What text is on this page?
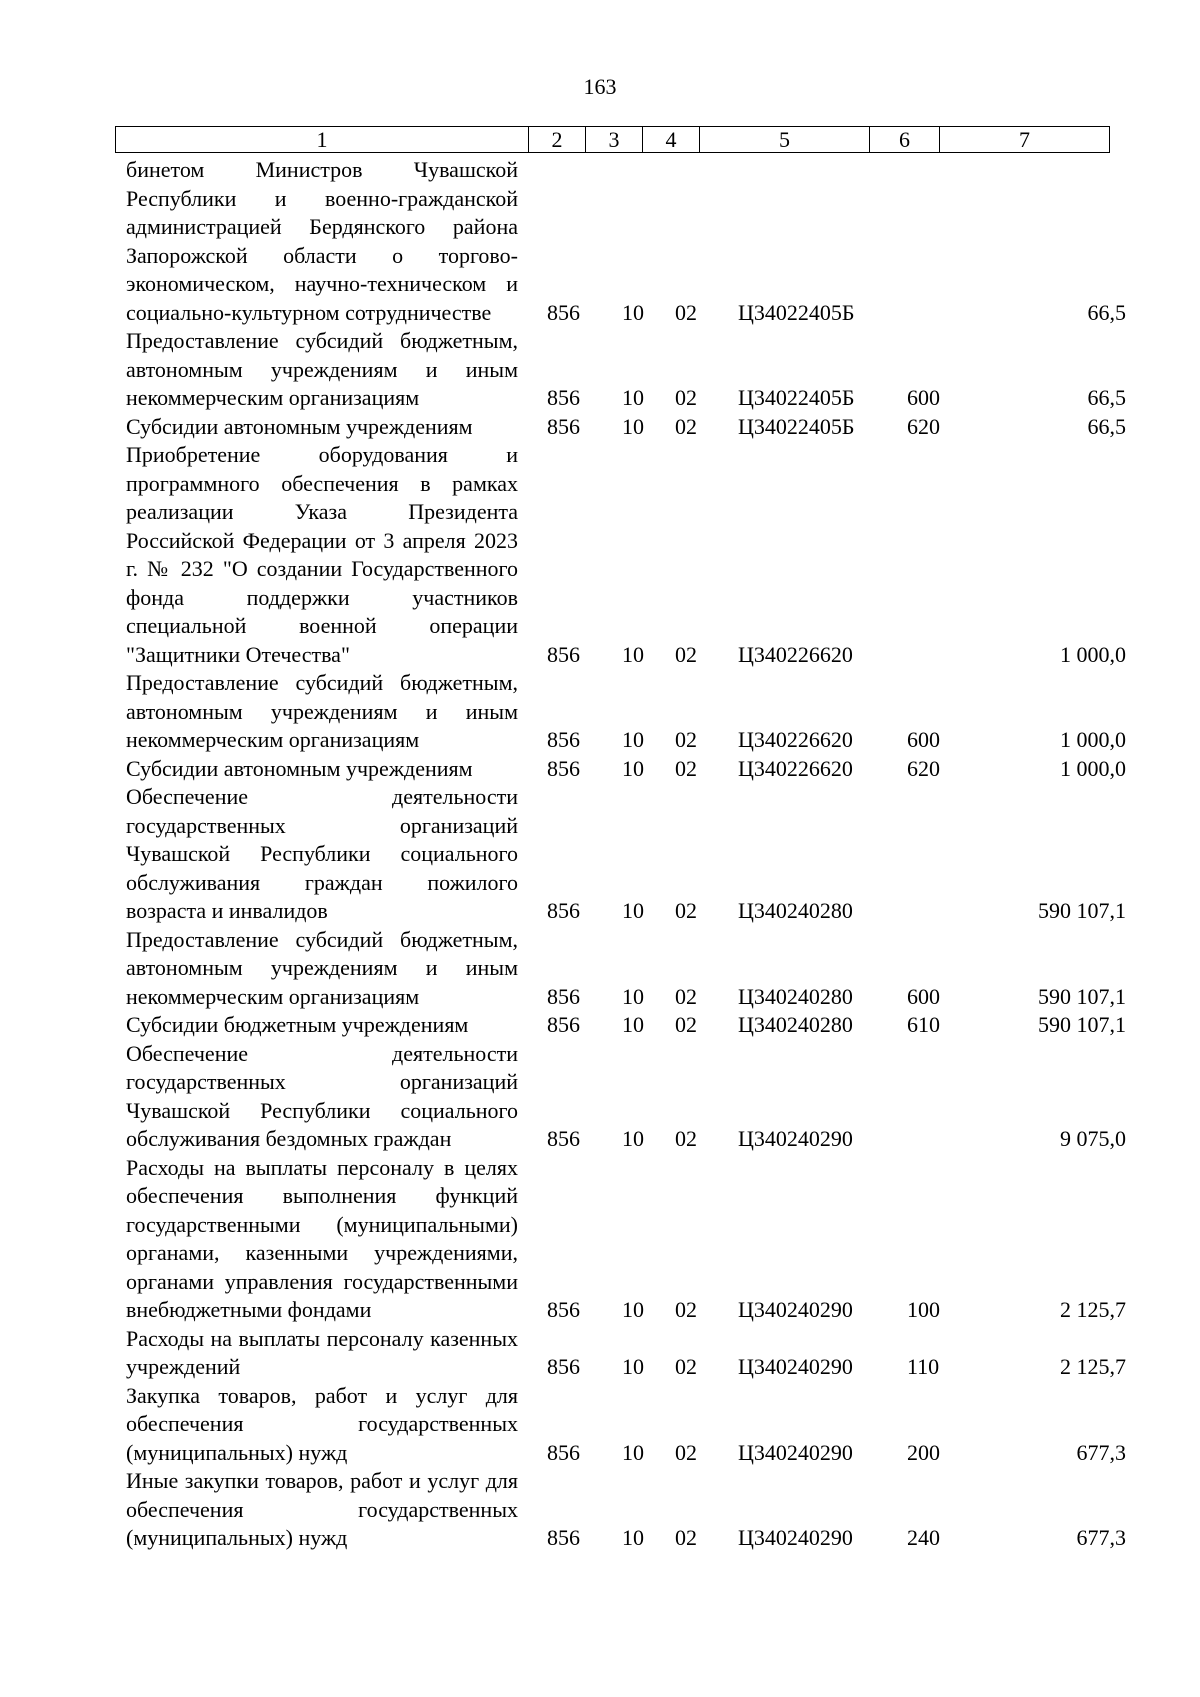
163
1	2	3	4	5	6	7
бинетом Министров Чувашской Республики и военно-гражданской администрацией Бердянского района Запорожской области о торгово-экономическом, научно-техническом и социально-культурном сотрудничестве	856 10 02 Ц34022405Б	66,5
Предоставление субсидий бюджетным, автономным учреждениям и иным некоммерческим организациям	856 10 02 Ц34022405Б 600	66,5
Субсидии автономным учреждениям	856 10 02 Ц34022405Б 620	66,5
Приобретение оборудования и программного обеспечения в рамках реализации Указа Президента Российской Федерации от 3 апреля 2023 г. № 232 "О создании Государственного фонда поддержки участников специальной военной операции "Защитники Отечества"	856 10 02 Ц340226620	1 000,0
Предоставление субсидий бюджетным, автономным учреждениям и иным некоммерческим организациям	856 10 02 Ц340226620 600	1 000,0
Субсидии автономным учреждениям	856 10 02 Ц340226620 620	1 000,0
Обеспечение деятельности государственных организаций Чувашской Республики социального обслуживания граждан пожилого возраста и инвалидов	856 10 02 Ц340240280	590 107,1
Предоставление субсидий бюджетным, автономным учреждениям и иным некоммерческим организациям	856 10 02 Ц340240280 600	590 107,1
Субсидии бюджетным учреждениям	856 10 02 Ц340240280 610	590 107,1
Обеспечение деятельности государственных организаций Чувашской Республики социального обслуживания бездомных граждан	856 10 02 Ц340240290	9 075,0
Расходы на выплаты персоналу в целях обеспечения выполнения функций государственными (муниципальными) органами, казенными учреждениями, органами управления государственными внебюджетными фондами	856 10 02 Ц340240290 100	2 125,7
Расходы на выплаты персоналу казенных учреждений	856 10 02 Ц340240290 110	2 125,7
Закупка товаров, работ и услуг для обеспечения государственных (муниципальных) нужд	856 10 02 Ц340240290 200	677,3
Иные закупки товаров, работ и услуг для обеспечения государственных (муниципальных) нужд	856 10 02 Ц340240290 240	677,3
